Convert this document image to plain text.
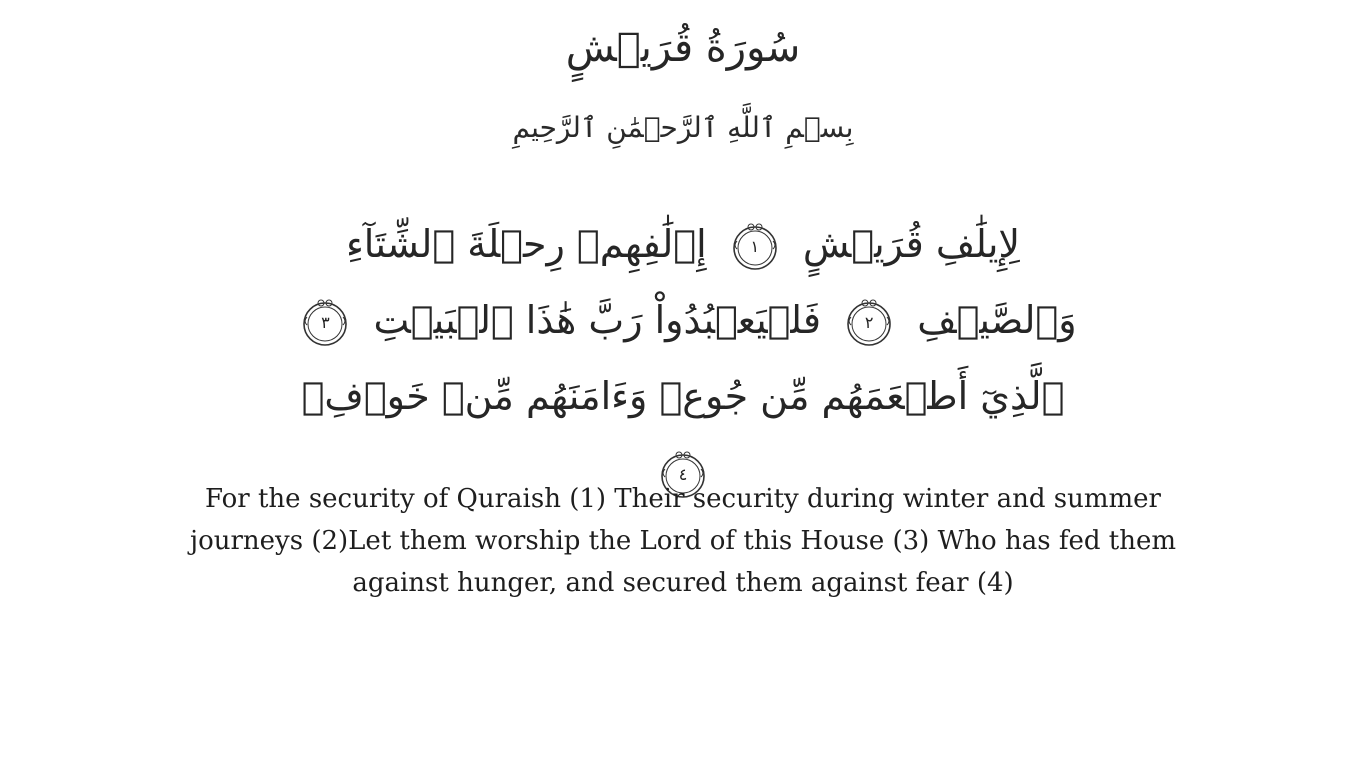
سُورَةُ قُرَيۡشٍ
بِسۡمِ ٱللَّهِ ٱلرَّحۡمَٰنِ ٱلرَّحِيمِ
لِإِيلَٰفِ قُرَيۡشٍ
١
إِۦلَٰفِهِمۡ رِحۡلَةَ ٱلشِّتَآءِ وَٱلصَّيۡفِ
٢
فَلۡيَعۡبُدُواْ رَبَّ هَٰذَا ٱلۡبَيۡتِ
٣
ٱلَّذِيٓ أَطۡعَمَهُم مِّن جُوعٖ وَءَامَنَهُم مِّنۡ خَوۡفِۭ
٤
For the security of Quraish (1) Their security during winter and summer journeys (2)Let them worship the Lord of this House (3) Who has fed them against hunger, and secured them against fear (4)
